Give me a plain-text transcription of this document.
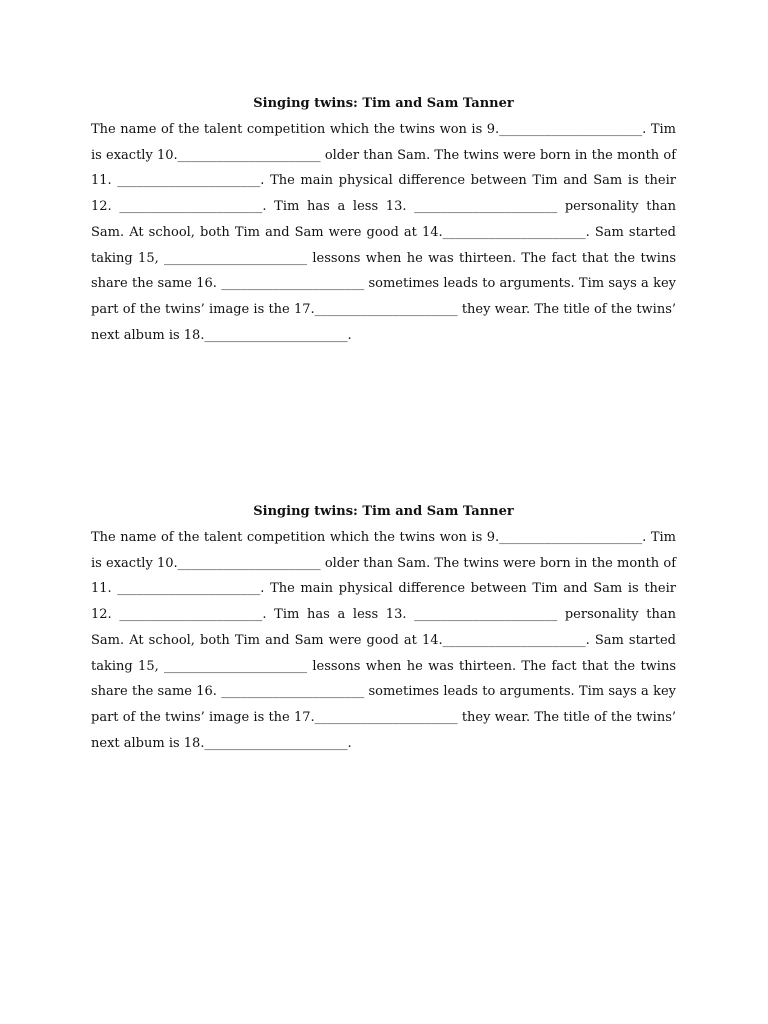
Singing twins: Tim and Sam Tanner

The name of the talent competition which the twins won is 9.______________________. Tim is exactly 10.______________________ older than Sam. The twins were born in the month of 11. ______________________. The main physical difference between Tim and Sam is their 12. ______________________. Tim has a less 13. ______________________ personality than Sam. At school, both Tim and Sam were good at 14.______________________. Sam started taking 15, ______________________ lessons when he was thirteen. The fact that the twins share the same 16. ______________________ sometimes leads to arguments. Tim says a key part of the twins’ image is the 17.______________________ they wear. The title of the twins’ next album is 18.______________________.

Singing twins: Tim and Sam Tanner

The name of the talent competition which the twins won is 9.______________________. Tim is exactly 10.______________________ older than Sam. The twins were born in the month of 11. ______________________. The main physical difference between Tim and Sam is their 12. ______________________. Tim has a less 13. ______________________ personality than Sam. At school, both Tim and Sam were good at 14.______________________. Sam started taking 15, ______________________ lessons when he was thirteen. The fact that the twins share the same 16. ______________________ sometimes leads to arguments. Tim says a key part of the twins’ image is the 17.______________________ they wear. The title of the twins’ next album is 18.______________________.
